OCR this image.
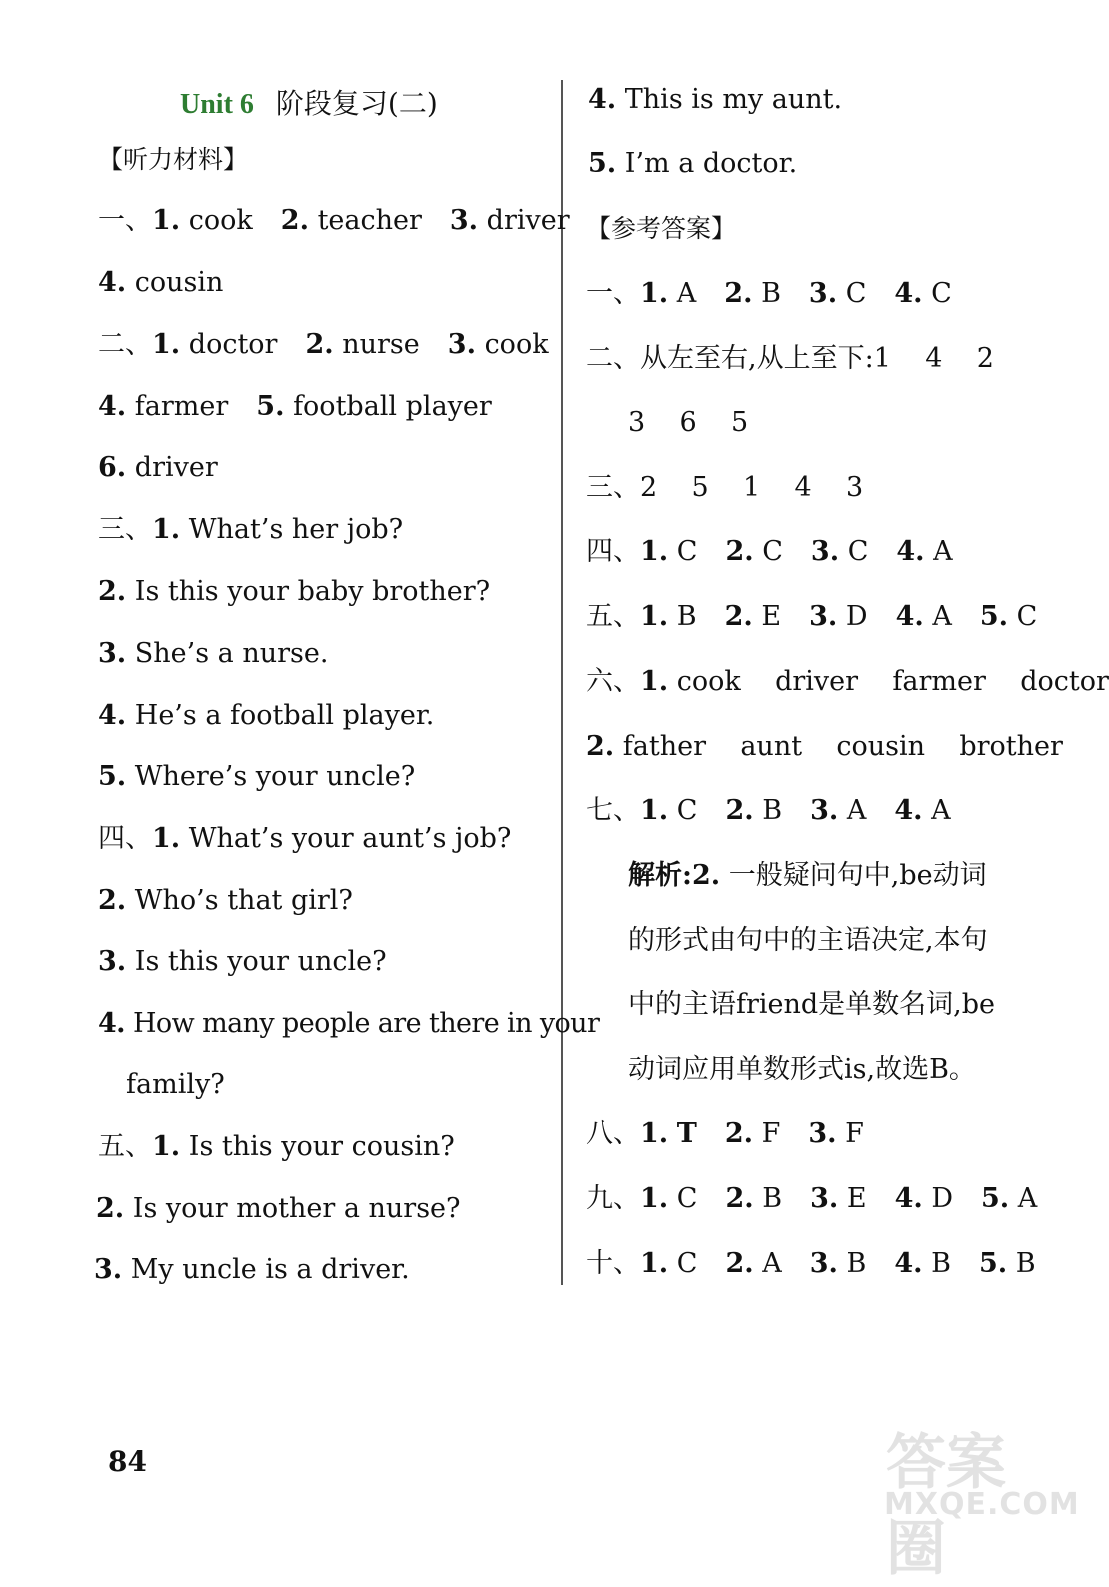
Unit 6 阶段复习(二)
【听力材料】
一、1. cook 2. teacher 3. driver
4. cousin
二、1. doctor 2. nurse 3. cook
4. farmer 5. football player
6. driver
三、1. What’s her job?
2. Is this your baby brother?
3. She’s a nurse.
4. He’s a football player.
5. Where’s your uncle?
四、1. What’s your aunt’s job?
2. Who’s that girl?
3. Is this your uncle?
4. How many people are there in your
family?
五、1. Is this your cousin?
2. Is your mother a nurse?
3. My uncle is a driver.
4. This is my aunt.
5. I’m a doctor.
【参考答案】
一、1. A 2. B 3. C 4. C
二、从左至右,从上至下:1    4    2
3    6    5
三、2    5    1    4    3
四、1. C 2. C 3. C 4. A
五、1. B 2. E 3. D 4. A 5. C
六、1. cook    driver    farmer    doctor
2. father    aunt    cousin    brother
七、1. C 2. B 3. A 4. A
解析:2. 一般疑问句中,be动词
的形式由句中的主语决定,本句
中的主语friend是单数名词,be
动词应用单数形式is,故选B。
八、1. T 2. F 3. F
九、1. C 2. B 3. E 4. D 5. A
十、1. C 2. A 3. B 4. B 5. B
84	答案圈
MXQE.COM
